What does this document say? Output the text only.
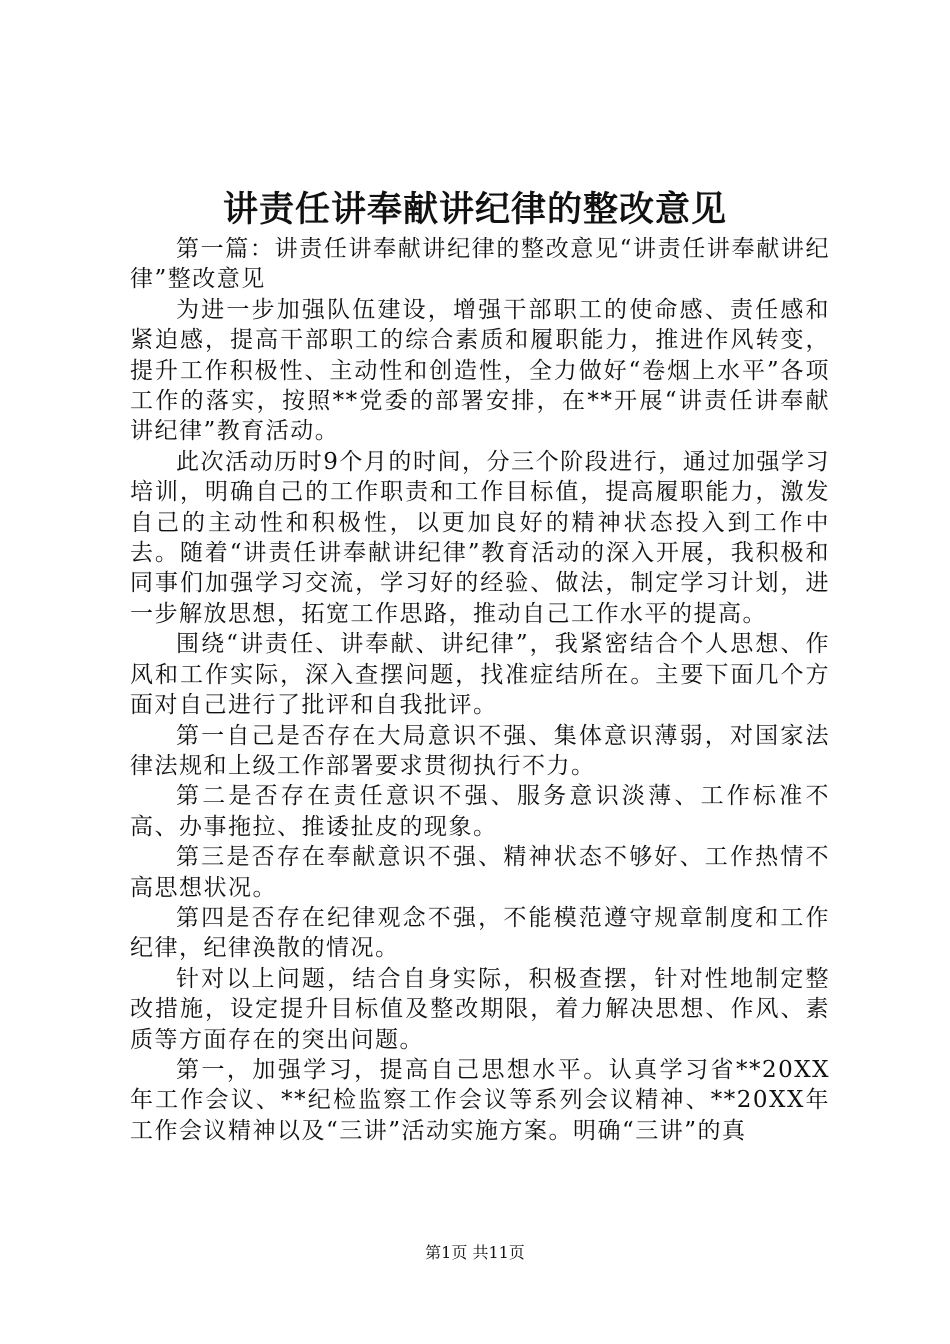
讲责任讲奉献讲纪律的整改意见

第一篇：讲责任讲奉献讲纪律的整改意见“讲责任讲奉献讲纪律”整改意见

为进一步加强队伍建设，增强干部职工的使命感、责任感和紧迫感，提高干部职工的综合素质和履职能力，推进作风转变，提升工作积极性、主动性和创造性，全力做好“卷烟上水平”各项工作的落实，按照**党委的部署安排，在**开展“讲责任讲奉献讲纪律”教育活动。

此次活动历时9个月的时间，分三个阶段进行，通过加强学习培训，明确自己的工作职责和工作目标值，提高履职能力，激发自己的主动性和积极性，以更加良好的精神状态投入到工作中去。随着“讲责任讲奉献讲纪律”教育活动的深入开展，我积极和同事们加强学习交流，学习好的经验、做法，制定学习计划，进一步解放思想，拓宽工作思路，推动自己工作水平的提高。

围绕“讲责任、讲奉献、讲纪律”，我紧密结合个人思想、作风和工作实际，深入查摆问题，找准症结所在。主要下面几个方面对自己进行了批评和自我批评。

第一自己是否存在大局意识不强、集体意识薄弱，对国家法律法规和上级工作部署要求贯彻执行不力。

第二是否存在责任意识不强、服务意识淡薄、工作标准不高、办事拖拉、推诿扯皮的现象。

第三是否存在奉献意识不强、精神状态不够好、工作热情不高思想状况。

第四是否存在纪律观念不强，不能模范遵守规章制度和工作纪律，纪律涣散的情况。

针对以上问题，结合自身实际，积极查摆，针对性地制定整改措施，设定提升目标值及整改期限，着力解决思想、作风、素质等方面存在的突出问题。

第一，加强学习，提高自己思想水平。认真学习省**20XX年工作会议、**纪检监察工作会议等系列会议精神、**20XX年工作会议精神以及“三讲”活动实施方案。明确“三讲”的真

第1页 共11页
